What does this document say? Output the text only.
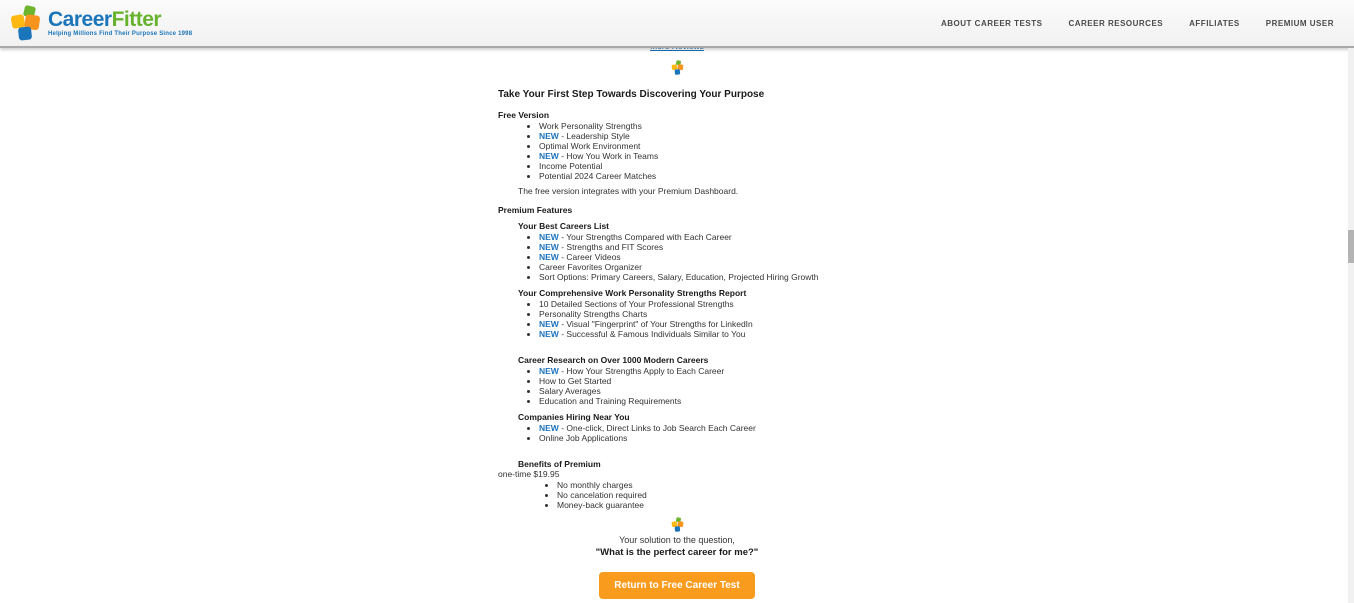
Take Your First Step Towards Discovering Your Purpose
Free Version
• Work Personality Strengths
• NEW - Leadership Style
• Optimal Work Environment
• NEW - How You Work in Teams
• Income Potential
• Potential 2024 Career Matches
The free version integrates with your Premium Dashboard.
Premium Features
Your Best Careers List
• NEW - Your Strengths Compared with Each Career
• NEW - Strengths and FIT Scores
• NEW - Career Videos
• Career Favorites Organizer
• Sort Options: Primary Careers, Salary, Education, Projected Hiring Growth
Your Comprehensive Work Personality Strengths Report
• 10 Detailed Sections of Your Professional Strengths
• Personality Strengths Charts
• NEW - Visual "Fingerprint" of Your Strengths for LinkedIn
• NEW - Successful & Famous Individuals Similar to You
Career Research on Over 1000 Modern Careers
• NEW - How Your Strengths Apply to Each Career
• How to Get Started
• Salary Averages
• Education and Training Requirements
Companies Hiring Near You
• NEW - One-click, Direct Links to Job Search Each Career
• Online Job Applications
Benefits of Premium
one-time $19.95
• No monthly charges
• No cancelation required
• Money-back guarantee
Your solution to the question,
"What is the perfect career for me?"
Return to Free Career Test
CareerFitter
Helping Millions Find Their Purpose Since 1998
ABOUT CAREER TESTS	CAREER RESOURCES	AFFILIATES	PREMIUM USER
